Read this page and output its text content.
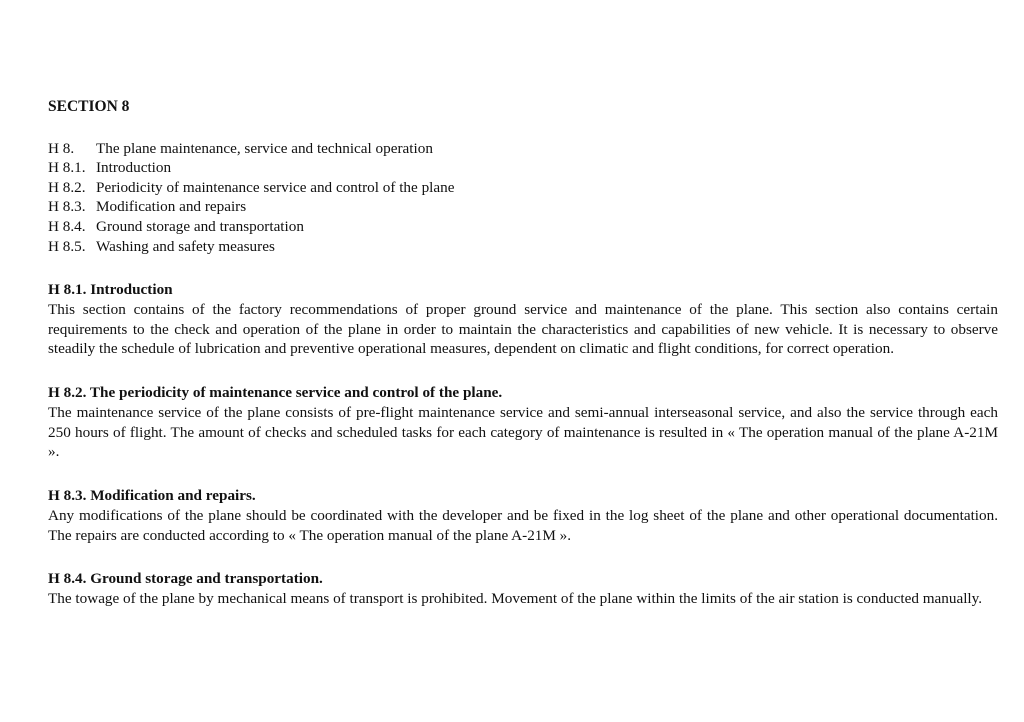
SECTION 8
H 8.	The plane maintenance, service and technical operation
H 8.1. Introduction
H 8.2. Periodicity of maintenance service and control of the plane
H 8.3. Modification and repairs
H 8.4. Ground storage and transportation
H 8.5. Washing and safety measures
H 8.1. Introduction

This section contains of the factory recommendations of proper ground service and maintenance of the plane. This section also contains certain requirements to the check and operation of the plane in order to maintain the characteristics and capabilities of new vehicle. It is necessary to observe steadily the schedule of lubrication and preventive operational measures, dependent on climatic and flight conditions, for correct operation.

H 8.2. The periodicity of maintenance service and control of the plane.

The maintenance service of the plane consists of pre-flight maintenance service and semi-annual interseasonal service, and also the service through each 250 hours of flight. The amount of checks and scheduled tasks for each category of maintenance is resulted in « The operation manual of the plane A-21M ».

H 8.3. Modification and repairs.

Any modifications of the plane should be coordinated with the developer and be fixed in the log sheet of the plane and other operational documentation. The repairs are conducted according to « The operation manual of the plane A-21M ».

H 8.4. Ground storage and transportation.

The towage of the plane by mechanical means of transport is prohibited. Movement of the plane within the limits of the air station is conducted manually.
